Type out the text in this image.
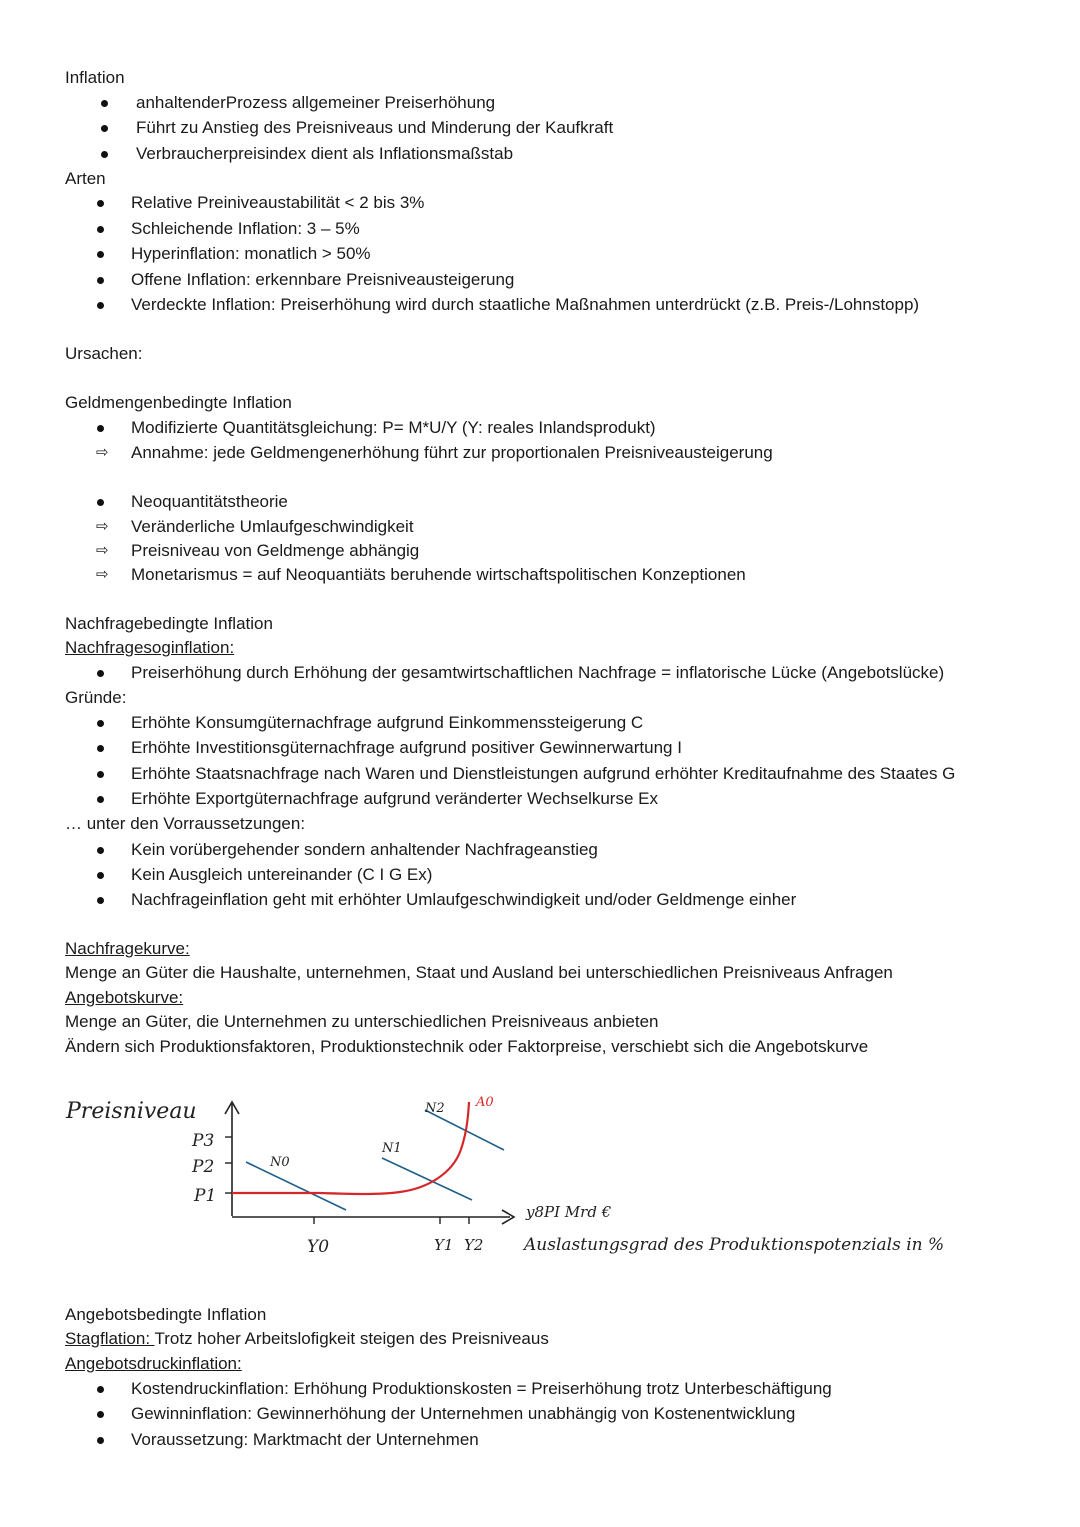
Inflation
anhaltenderProzess allgemeiner Preiserhöhung
Führt zu Anstieg des Preisniveaus und Minderung der Kaufkraft
Verbraucherpreisindex dient als Inflationsmaßstab
Arten
Relative Preiniveaustabilität < 2 bis 3%
Schleichende Inflation: 3 – 5%
Hyperinflation: monatlich > 50%
Offene Inflation: erkennbare Preisniveausteigerung
Verdeckte Inflation: Preiserhöhung wird durch staatliche Maßnahmen unterdrückt (z.B. Preis-/Lohnstopp)
Ursachen:
Geldmengenbedingte Inflation
Modifizierte Quantitätsgleichung: P= M*U/Y (Y: reales Inlandsprodukt)
⇨ Annahme: jede Geldmengenerhöhung führt zur proportionalen Preisniveausteigerung
Neoquantitätstheorie
⇨ Veränderliche Umlaufgeschwindigkeit
⇨ Preisniveau von Geldmenge abhängig
⇨ Monetarismus = auf Neoquantiäts beruhende wirtschaftspolitischen Konzeptionen
Nachfragebedingte Inflation
Nachfragesoginflation:
Preiserhöhung durch Erhöhung der gesamtwirtschaftlichen Nachfrage = inflatorische Lücke (Angebotslücke)
Gründe:
Erhöhte Konsumgüternachfrage aufgrund Einkommenssteigerung C
Erhöhte Investitionsgüternachfrage aufgrund positiver Gewinnerwartung I
Erhöhte Staatsnachfrage nach Waren und Dienstleistungen aufgrund erhöhter Kreditaufnahme des Staates G
Erhöhte Exportgüternachfrage aufgrund veränderter Wechselkurse Ex
… unter den Vorraussetzungen:
Kein vorübergehender sondern anhaltender Nachfrageanstieg
Kein Ausgleich untereinander (C I G Ex)
Nachfrageinflation geht mit erhöhter Umlaufgeschwindigkeit und/oder Geldmenge einher
Nachfragekurve:
Menge an Güter die Haushalte, unternehmen, Staat und Ausland bei unterschiedlichen Preisniveaus Anfragen
Angebotskurve:
Menge an Güter, die Unternehmen zu unterschiedlichen Preisniveaus anbieten
Ändern sich Produktionsfaktoren, Produktionstechnik oder Faktorpreise, verschiebt sich die Angebotskurve
Preisniveau
P3
P2
P1
Y0	Y1 Y2
N0
N1
N2 A0
y8PI Mrd €
Auslastungsgrad des Produktionspotenzials in %
Angebotsbedingte Inflation
Stagflation: Trotz hoher Arbeitslofigkeit steigen des Preisniveaus
Angebotsdruckinflation:
Kostendruckinflation: Erhöhung Produktionskosten = Preiserhöhung trotz Unterbeschäftigung
Gewinninflation: Gewinnerhöhung der Unternehmen unabhängig von Kostenentwicklung
Voraussetzung: Marktmacht der Unternehmen
